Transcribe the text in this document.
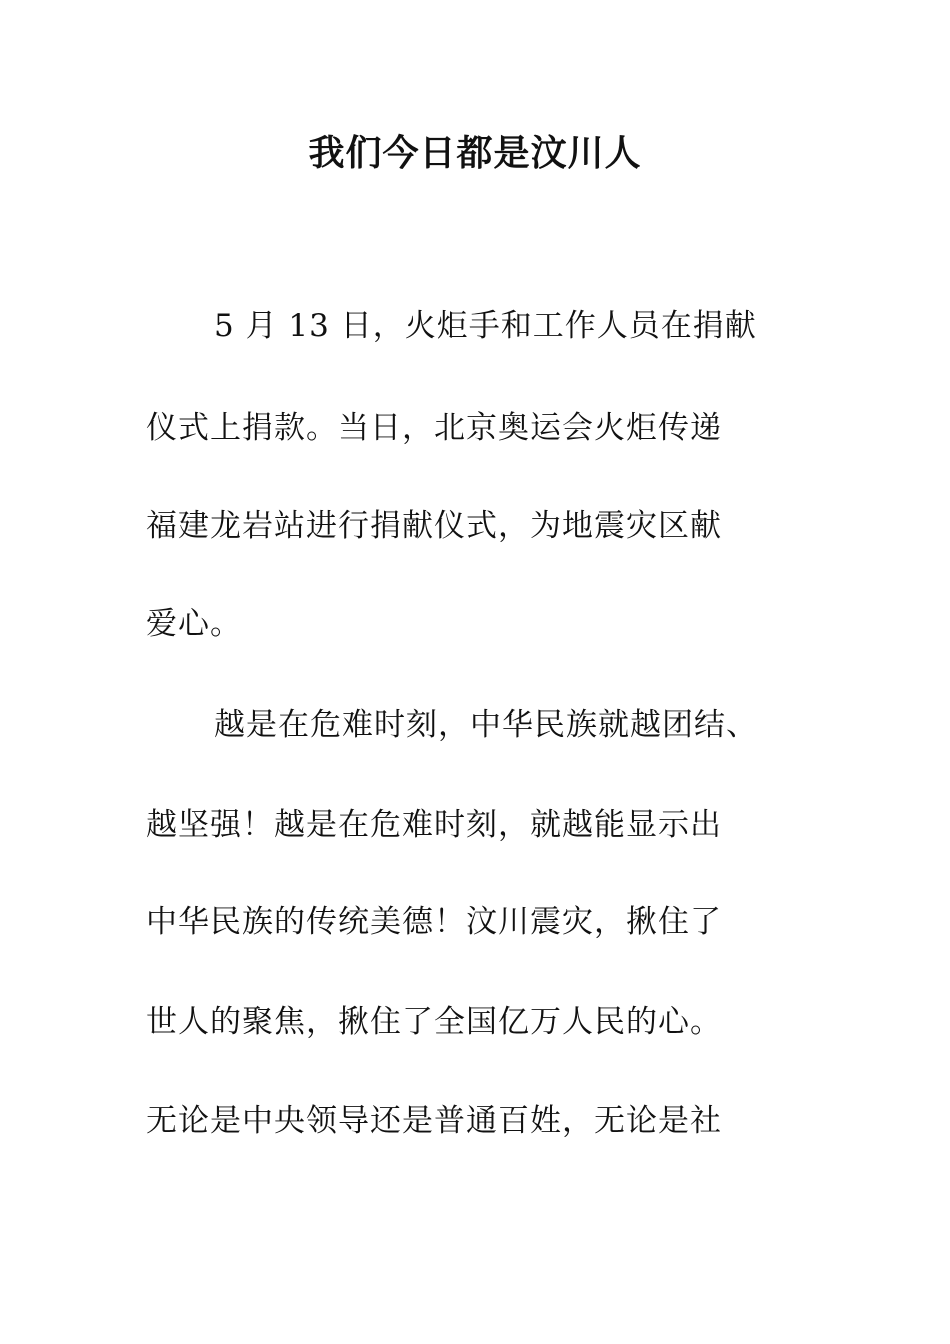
我们今日都是汶川人

5 月 13 日，火炬手和工作人员在捐献

仪式上捐款。当日，北京奥运会火炬传递

福建龙岩站进行捐献仪式，为地震灾区献

爱心。

越是在危难时刻，中华民族就越团结、

越坚强！越是在危难时刻，就越能显示出

中华民族的传统美德！汶川震灾，揪住了

世人的聚焦，揪住了全国亿万人民的心。

无论是中央领导还是普通百姓，无论是社
